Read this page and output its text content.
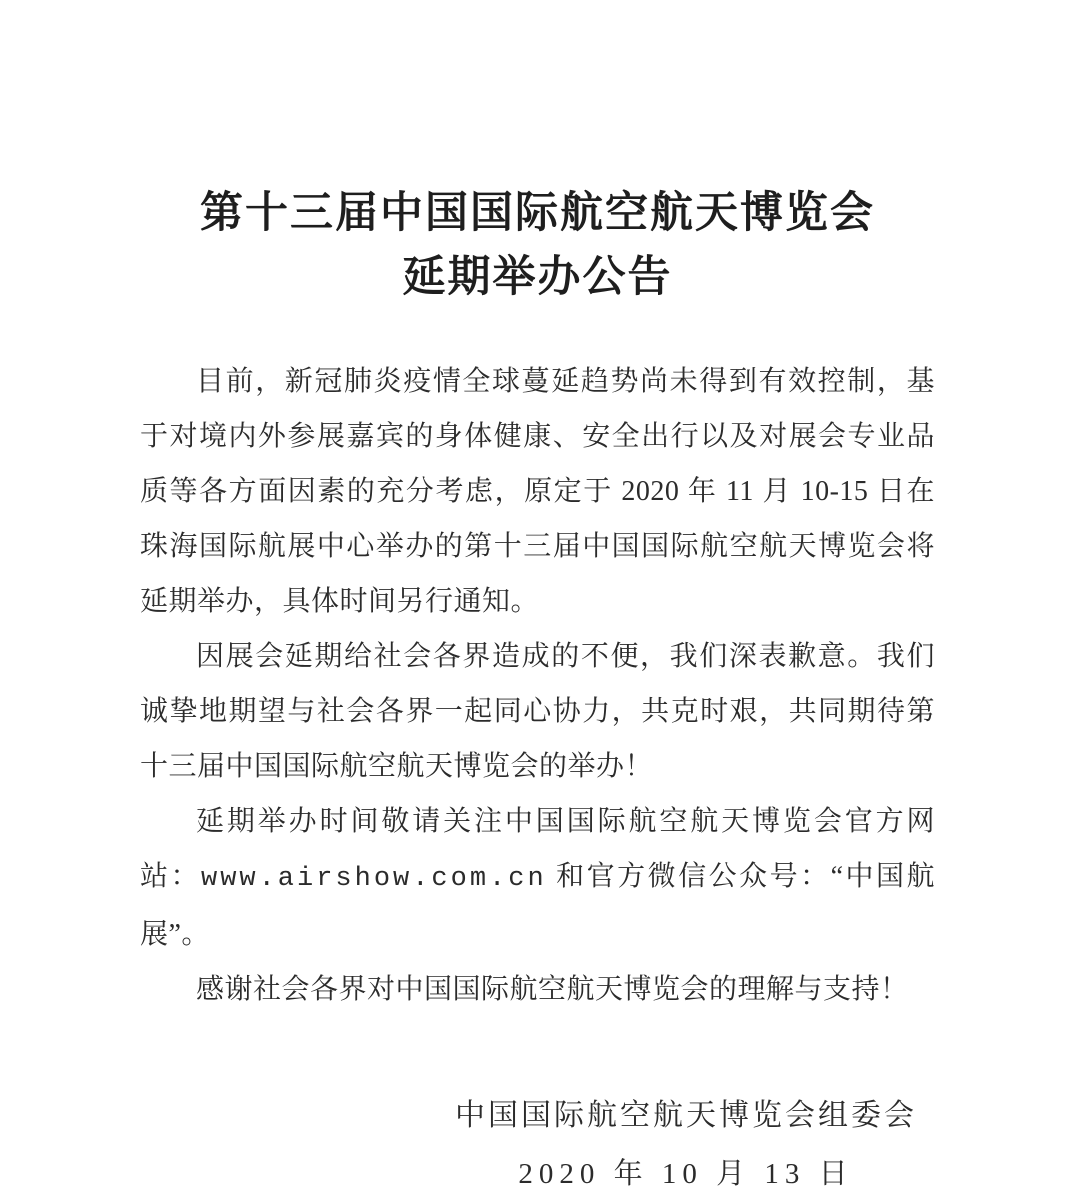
第十三届中国国际航空航天博览会
延期举办公告

目前，新冠肺炎疫情全球蔓延趋势尚未得到有效控制，基于对境内外参展嘉宾的身体健康、安全出行以及对展会专业品质等各方面因素的充分考虑，原定于 2020 年 11 月 10-15 日在珠海国际航展中心举办的第十三届中国国际航空航天博览会将延期举办，具体时间另行通知。

因展会延期给社会各界造成的不便，我们深表歉意。我们诚挚地期望与社会各界一起同心协力，共克时艰，共同期待第十三届中国国际航空航天博览会的举办！

延期举办时间敬请关注中国国际航空航天博览会官方网站：www.airshow.com.cn 和官方微信公众号：“中国航展”。

感谢社会各界对中国国际航空航天博览会的理解与支持！

中国国际航空航天博览会组委会
2020 年 10 月 13 日
